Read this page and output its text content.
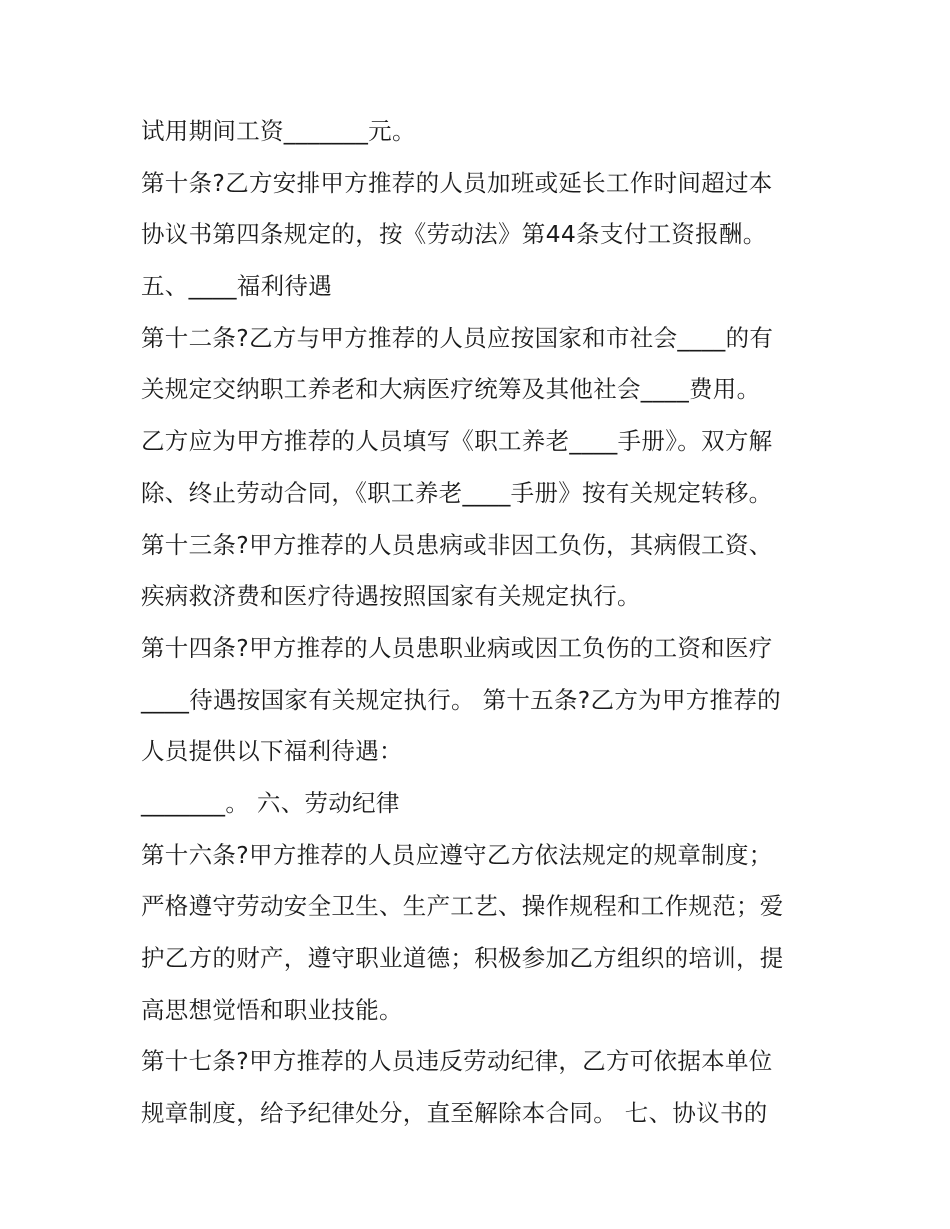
试用期间工资_______元。
第十条?乙方安排甲方推荐的人员加班或延长工作时间超过本
协议书第四条规定的，按《劳动法》第44条支付工资报酬。
五、____福利待遇
第十二条?乙方与甲方推荐的人员应按国家和市社会____的有
关规定交纳职工养老和大病医疗统筹及其他社会____费用。
乙方应为甲方推荐的人员填写《职工养老____手册》。双方解
除、终止劳动合同，《职工养老____手册》按有关规定转移。
第十三条?甲方推荐的人员患病或非因工负伤，其病假工资、
疾病救济费和医疗待遇按照国家有关规定执行。
第十四条?甲方推荐的人员患职业病或因工负伤的工资和医疗
____待遇按国家有关规定执行。 第十五条?乙方为甲方推荐的
人员提供以下福利待遇：
_______。 六、劳动纪律
第十六条?甲方推荐的人员应遵守乙方依法规定的规章制度；
严格遵守劳动安全卫生、生产工艺、操作规程和工作规范；爱
护乙方的财产，遵守职业道德；积极参加乙方组织的培训，提
高思想觉悟和职业技能。
第十七条?甲方推荐的人员违反劳动纪律，乙方可依据本单位
规章制度，给予纪律处分，直至解除本合同。 七、协议书的
